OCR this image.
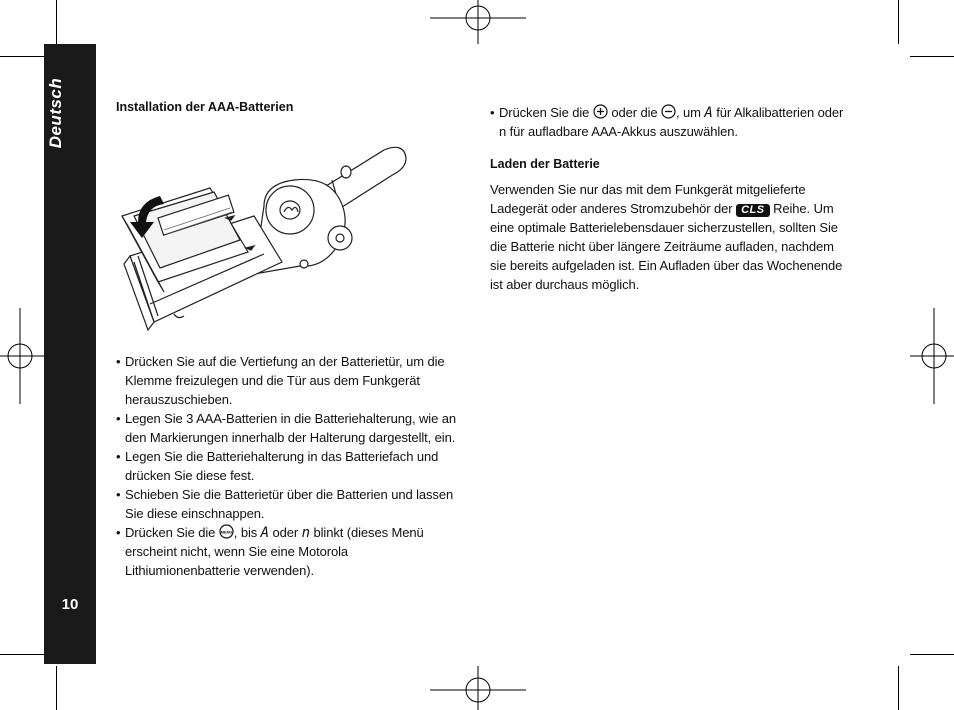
Deutsch
10
Installation der AAA-Batterien
• Drücken Sie auf die Vertiefung an der Batterietür, um die Klemme freizulegen und die Tür aus dem Funkgerät herauszuschieben.
• Legen Sie 3 AAA-Batterien in die Batteriehalterung, wie an den Markierungen innerhalb der Halterung dargestellt, ein.
• Legen Sie die Batteriehalterung in das Batteriefach und drücken Sie diese fest.
• Schieben Sie die Batterietür über die Batterien und lassen Sie diese einschnappen.
• Drücken Sie die MENU , bis A oder n blinkt (dieses Menü erscheint nicht, wenn Sie eine Motorola Lithiumionenbatterie verwenden).
• Drücken Sie die oder die , um A für Alkalibatterien oder n für aufladbare AAA-Akkus auszuwählen.
Laden der Batterie
Verwenden Sie nur das mit dem Funkgerät mitgelieferte Ladegerät oder anderes Stromzubehör der CLS Reihe. Um eine optimale Batterielebensdauer sicherzustellen, sollten Sie die Batterie nicht über längere Zeiträume aufladen, nachdem sie bereits aufgeladen ist. Ein Aufladen über das Wochenende ist aber durchaus möglich.
